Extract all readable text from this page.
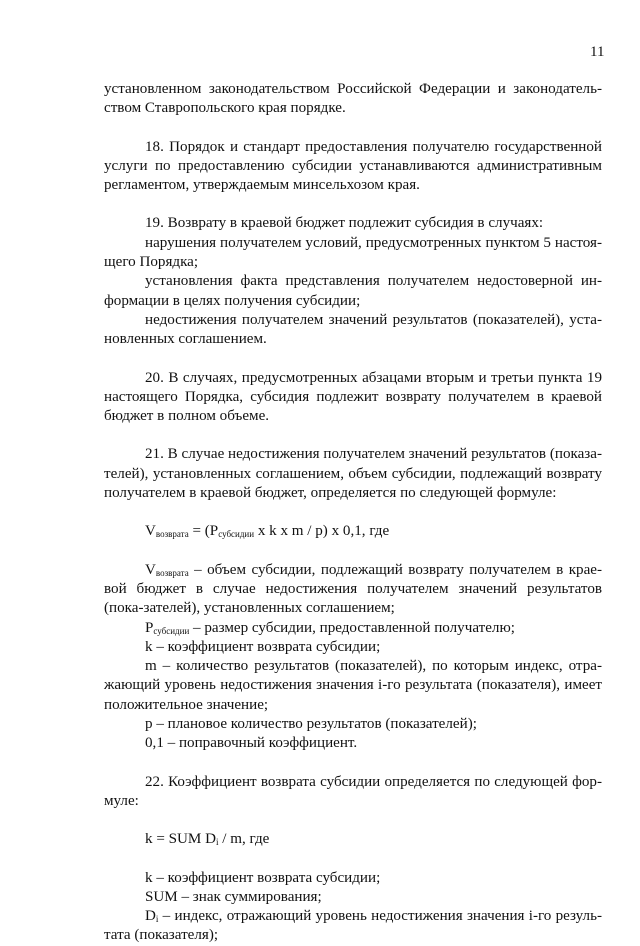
11

установленном законодательством Российской Федерации и законодатель-ством Ставропольского края порядке.

18. Порядок и стандарт предоставления получателю государственной услуги по предоставлению субсидии устанавливаются административным регламентом, утверждаемым минсельхозом края.

19. Возврату в краевой бюджет подлежит субсидия в случаях:

нарушения получателем условий, предусмотренных пунктом 5 настоя-щего Порядка;

установления факта представления получателем недостоверной ин-формации в целях получения субсидии;

недостижения получателем значений результатов (показателей), уста-новленных соглашением.

20. В случаях, предусмотренных абзацами вторым и третьи пункта 19 настоящего Порядка, субсидия подлежит возврату получателем в краевой бюджет в полном объеме.

21. В случае недостижения получателем значений результатов (показа-телей), установленных соглашением, объем субсидии, подлежащий возврату получателем в краевой бюджет, определяется по следующей формуле:

$V_{возврата} = (P_{субсидии}$ x k x m / p) x 0,1, где

$V_{возврата}$ – объем субсидии, подлежащий возврату получателем в крае-вой бюджет в случае недостижения получателем значений результатов (пока-зателей), установленных соглашением;

$P_{субсидии}$ – размер субсидии, предоставленной получателю;

k – коэффициент возврата субсидии;

m – количество результатов (показателей), по которым индекс, отра-жающий уровень недостижения значения i-го результата (показателя), имеет положительное значение;

p – плановое количество результатов (показателей);

0,1 – поправочный коэффициент.

22. Коэффициент возврата субсидии определяется по следующей фор-муле:

k = SUM $D_i$ / m, где

k – коэффициент возврата субсидии;

SUM – знак суммирования;

$D_i$ – индекс, отражающий уровень недостижения значения i-го резуль-тата (показателя);
